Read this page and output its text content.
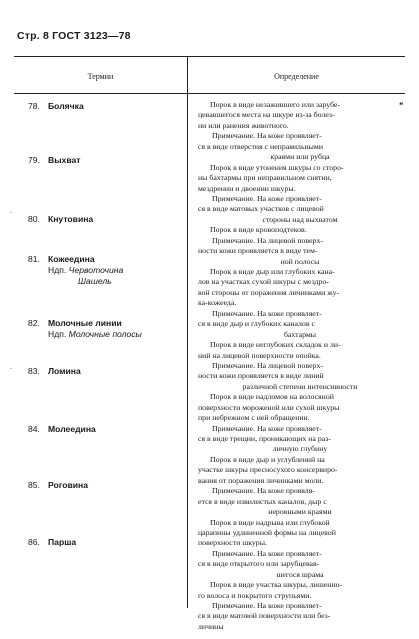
Стр. 8 ГОСТ 3123—78
Термин	Определение
78. Болячка
79. Выхват
80. Кнутовина
81. Кожеедина
Ндп. Червоточина
Шашель
82. Молочные линии
Ндп. Молочные полосы
83. Ломина
84. Молеедина
85. Роговина
86. Парша
·
·
❝
Порок в виде незажившего или зарубе-
цевавшегося места на шкуре из-за болез-
ни или ранения животного.
Примечание. На коже проявляет-
ся в виде отверстия с неправильными
краями или рубца
Порок в виде утонения шкуры со сторо-
ны бахтармы при неправильном снятии,
мездрении и двоении шкуры.
Примечание. На коже проявляет-
ся в виде матовых участков с лицевой
стороны над выхватом
Порок в виде кровоподтеков.
Примечание. На лицевой поверх-
ности кожи проявляется в виде тем-
ной полосы
Порок в виде дыр или глубоких кана-
лов на участках сухой шкуры с мездро-
вой стороны от поражения личинками жу-
ка-кожееда.
Примечание. На коже проявляет-
ся в виде дыр и глубоких каналов с
бахтармы
Порок в виде неглубоких складок и ли-
ний на лицевой поверхности опойка.
Примечание. На лицевой поверх-
ности кожи проявляется в виде линий
различной степени интенсивности
Порок в виде надломов на волосяной
поверхности мороженой или сухой шкуры
при небрежном с ней обращении.
Примечание. На коже проявляет-
ся в виде трещин, проникающих на раз-
личную глубину
Порок в виде дыр и углублений на
участке шкуры пресносухого консервиро-
вания от поражения личинками моли.
Примечание. На коже проявля-
ется в виде извилистых каналов, дыр с
неровными краями
Порок в виде надрыва или глубокой
царапины удлиненной формы на лицевой
поверхности шкуры.
Примечание. На коже проявляет-
ся в виде открытого или зарубцевав-
шегося шрама
Порок в виде участка шкуры, лишенно-
го волоса и покрытого струпьями.
Примечание. На коже проявляет-
ся в виде матовой поверхности или без-
личины
